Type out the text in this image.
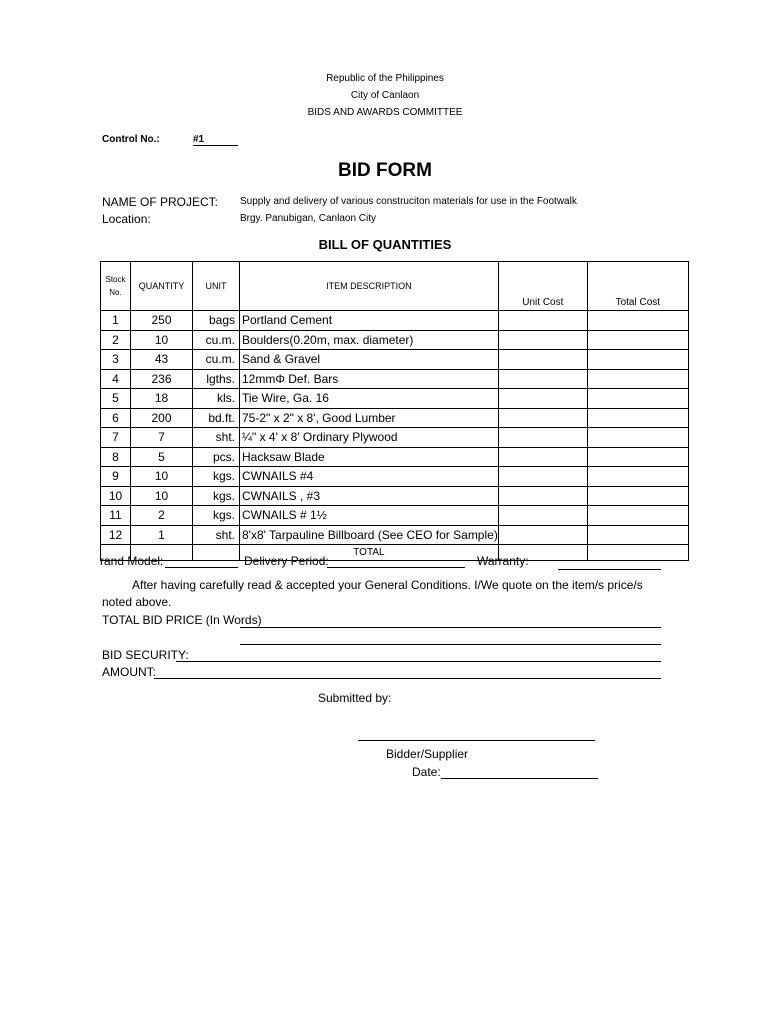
Republic of the Philippines
City of Canlaon
BIDS AND AWARDS COMMITTEE
Control No.:	#1
BID FORM
NAME OF PROJECT: Supply and delivery of various construciton materials for use in the Footwalk
Location:	Brgy. Panubigan, Canlaon City
BILL OF QUANTITIES
Stock No.	QUANTITY	UNIT	ITEM DESCRIPTION	Unit Cost	Total Cost
1	250	bags	Portland Cement		
2	10	cu.m.	Boulders(0.20m, max. diameter)		
3	43	cu.m.	Sand & Gravel		
4	236	lgths.	12mmΦ Def. Bars		
5	18	kls.	Tie Wire, Ga. 16		
6	200	bd.ft.	75-2" x 2" x 8', Good Lumber		
7	7	sht.	¼" x 4' x 8' Ordinary Plywood		
8	5	pcs.	Hacksaw Blade		
9	10	kgs.	CWNAILS #4		
10	10	kgs.	CWNAILS , #3		
11	2	kgs.	CWNAILS # 1½		
12	1	sht.	8'x8' Tarpauline Billboard (See CEO for Sample)		
			TOTAL		
rand Model:	Delivery Period:	Warranty:
After having carefully read & accepted your General Conditions. I/We quote on the item/s price/s
noted above.
TOTAL BID PRICE (In Words)
BID SECURITY:
AMOUNT:
Submitted by:
Bidder/Supplier
Date:
